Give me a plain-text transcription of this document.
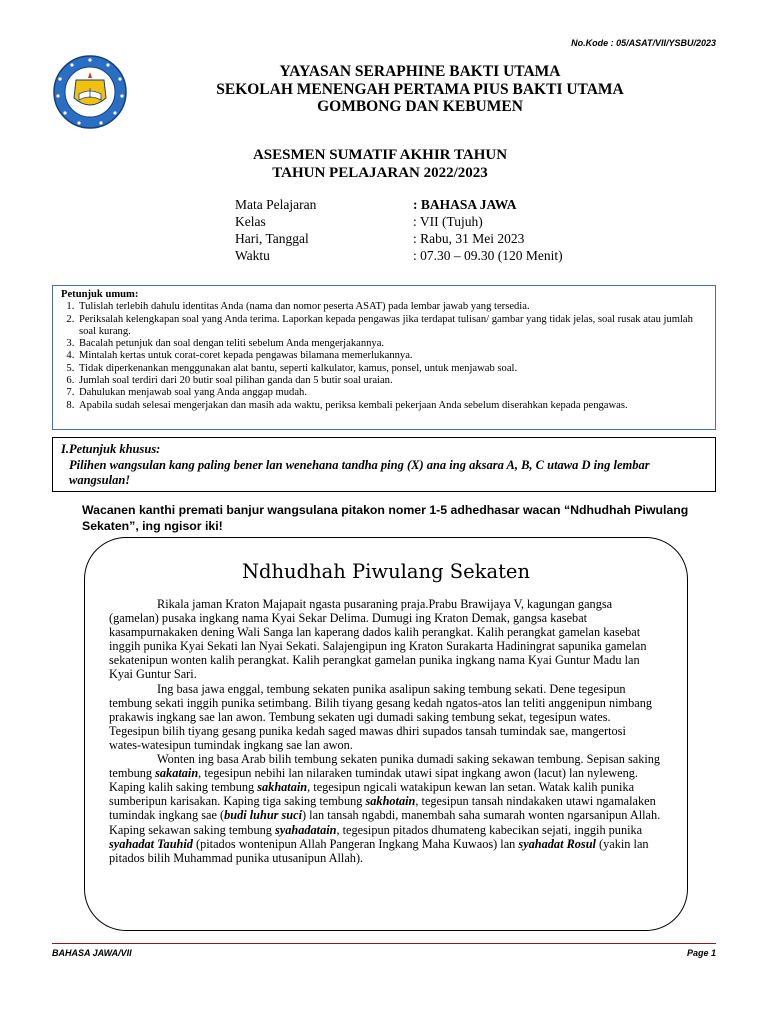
No.Kode : 05/ASAT/VII/YSBU/2023
YAYASAN SERAPHINE BAKTI UTAMA
SEKOLAH MENENGAH PERTAMA PIUS BAKTI UTAMA
GOMBONG DAN KEBUMEN
ASESMEN SUMATIF AKHIR TAHUN
TAHUN PELAJARAN 2022/2023
Mata Pelajaran	: BAHASA JAWA
Kelas	: VII (Tujuh)
Hari, Tanggal	: Rabu, 31 Mei 2023
Waktu	: 07.30 – 09.30 (120 Menit)
Petunjuk umum:
1. Tulislah terlebih dahulu identitas Anda (nama dan nomor peserta ASAT) pada lembar jawab yang tersedia.
2. Periksalah kelengkapan soal yang Anda terima. Laporkan kepada pengawas jika terdapat tulisan/ gambar yang tidak jelas, soal rusak atau jumlah soal kurang.
3. Bacalah petunjuk dan soal dengan teliti sebelum Anda mengerjakannya.
4. Mintalah kertas untuk corat-coret kepada pengawas bilamana memerlukannya.
5. Tidak diperkenankan menggunakan alat bantu, seperti kalkulator, kamus, ponsel, untuk menjawab soal.
6. Jumlah soal terdiri dari 20 butir soal pilihan ganda dan 5 butir soal uraian.
7. Dahulukan menjawab soal yang Anda anggap mudah.
8. Apabila sudah selesai mengerjakan dan masih ada waktu, periksa kembali pekerjaan Anda sebelum diserahkan kepada pengawas.
I.Petunjuk khusus:
Pilihen wangsulan kang paling bener lan wenehana tandha ping (X) ana ing aksara A, B, C utawa D ing lembar wangsulan!
Wacanen kanthi premati banjur wangsulana pitakon nomer 1-5 adhedhasar wacan “Ndhudhah Piwulang Sekaten”, ing ngisor iki!
Ndhudhah Piwulang Sekaten

Rikala jaman Kraton Majapait ngasta pusaraning praja.Prabu Brawijaya V, kagungan gangsa (gamelan) pusaka ingkang nama Kyai Sekar Delima. Dumugi ing Kraton Demak, gangsa kasebat kasampurnakaken dening Wali Sanga lan kaperang dados kalih perangkat. Kalih perangkat gamelan kasebat inggih punika Kyai Sekati lan Nyai Sekati. Salajengipun ing Kraton Surakarta Hadiningrat sapunika gamelan sekatenipun wonten kalih perangkat. Kalih perangkat gamelan punika ingkang nama Kyai Guntur Madu lan Kyai Guntur Sari.

Ing basa jawa enggal, tembung sekaten punika asalipun saking tembung sekati. Dene tegesipun tembung sekati inggih punika setimbang. Bilih tiyang gesang kedah ngatos-atos lan teliti anggenipun nimbang prakawis ingkang sae lan awon. Tembung sekaten ugi dumadi saking tembung sekat, tegesipun wates. Tegesipun bilih tiyang gesang punika kedah saged mawas dhiri supados tansah tumindak sae, mangertosi wates-watesipun tumindak ingkang sae lan awon.

Wonten ing basa Arab bilih tembung sekaten punika dumadi saking sekawan tembung. Sepisan saking tembung sakatain, tegesipun nebihi lan nilaraken tumindak utawi sipat ingkang awon (lacut) lan nyleweng. Kaping kalih saking tembung sakhatain, tegesipun ngicali watakipun kewan lan setan. Watak kalih punika sumberipun karisakan. Kaping tiga saking tembung sakhotain, tegesipun tansah nindakaken utawi ngamalaken tumindak ingkang sae (budi luhur suci) lan tansah ngabdi, manembah saha sumarah wonten ngarsanipun Allah. Kaping sekawan saking tembung syahadatain, tegesipun pitados dhumateng kabecikan sejati, inggih punika syahadat Tauhid (pitados wontenipun Allah Pangeran Ingkang Maha Kuwaos) lan syahadat Rosul (yakin lan pitados bilih Muhammad punika utusanipun Allah).

BAHASA JAWA/VII	Page 1
